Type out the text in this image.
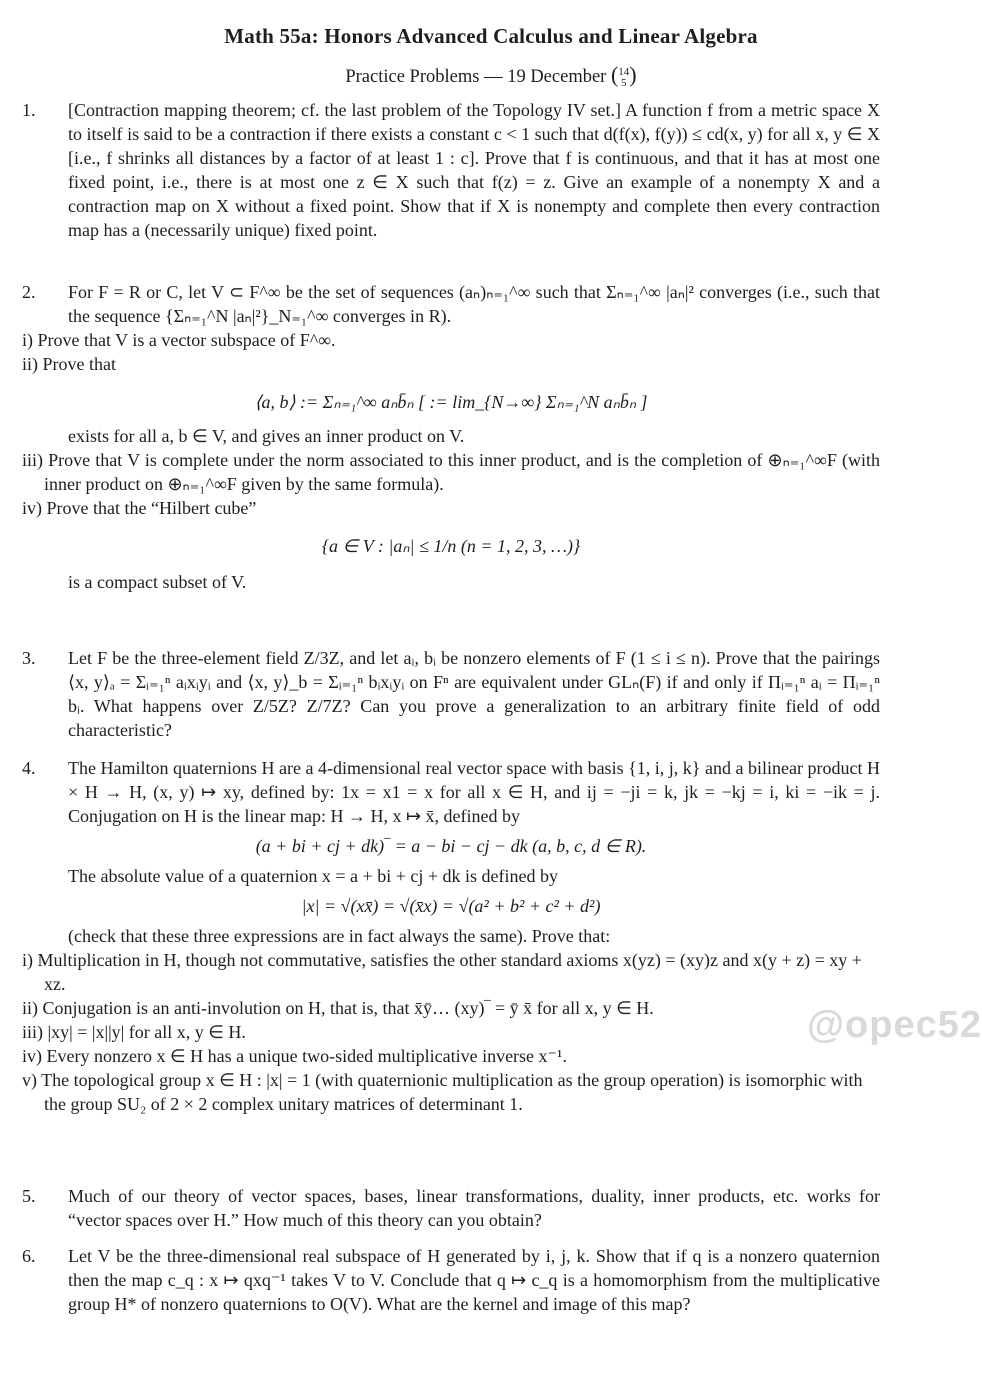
Math 55a: Honors Advanced Calculus and Linear Algebra
Practice Problems — 19 December (14
5 )
1. [Contraction mapping theorem; cf. the last problem of the Topology IV set.] A function f from a metric space X to itself is said to be a contraction if there exists a constant c < 1 such that d(f(x), f(y)) ≤ cd(x, y) for all x, y ∈ X [i.e., f shrinks all distances by a factor of at least 1 : c]. Prove that f is continuous, and that it has at most one fixed point, i.e., there is at most one z ∈ X such that f(z) = z. Give an example of a nonempty X and a contraction map on X without a fixed point. Show that if X is nonempty and complete then every contraction map has a (necessarily unique) fixed point.
2. For F = R or C, let V ⊂ F^∞ be the set of sequences (aₙ)ₙ₌₁^∞ such that Σₙ₌₁^∞ |aₙ|² converges (i.e., such that the sequence {Σₙ₌₁^N |aₙ|²}_N₌₁^∞ converges in R).
i) Prove that V is a vector subspace of F^∞.
ii) Prove that
⟨a, b⟩ := Σₙ₌₁^∞ aₙb̄ₙ [ := lim_{N→∞} Σₙ₌₁^N aₙb̄ₙ ]
exists for all a, b ∈ V, and gives an inner product on V.
iii) Prove that V is complete under the norm associated to this inner product, and is the completion of ⊕ₙ₌₁^∞F (with inner product on ⊕ₙ₌₁^∞F given by the same formula).
iv) Prove that the “Hilbert cube”
{a ∈ V : |aₙ| ≤ 1/n (n = 1, 2, 3, …)}
is a compact subset of V.
3. Let F be the three-element field Z/3Z, and let aᵢ, bᵢ be nonzero elements of F (1 ≤ i ≤ n). Prove that the pairings ⟨x, y⟩ₐ = Σᵢ₌₁ⁿ aᵢxᵢyᵢ and ⟨x, y⟩_b = Σᵢ₌₁ⁿ bᵢxᵢyᵢ on Fⁿ are equivalent under GLₙ(F) if and only if Πᵢ₌₁ⁿ aᵢ = Πᵢ₌₁ⁿ bᵢ. What happens over Z/5Z? Z/7Z? Can you prove a generalization to an arbitrary finite field of odd characteristic?
4. The Hamilton quaternions H are a 4-dimensional real vector space with basis {1, i, j, k} and a bilinear product H × H → H, (x, y) ↦ xy, defined by: 1x = x1 = x for all x ∈ H, and ij = −ji = k, jk = −kj = i, ki = −ik = j. Conjugation on H is the linear map: H → H, x ↦ x̄, defined by
(a + bi + cj + dk)‾ = a − bi − cj − dk (a, b, c, d ∈ R).
The absolute value of a quaternion x = a + bi + cj + dk is defined by
|x| = √(xx̄) = √(x̄x) = √(a² + b² + c² + d²)
(check that these three expressions are in fact always the same). Prove that:
i) Multiplication in H, though not commutative, satisfies the other standard axioms x(yz) = (xy)z and x(y + z) = xy + xz.
ii) Conjugation is an anti-involution on H, that is, that x̄ȳ… (xy)‾ = ȳ x̄ for all x, y ∈ H.
iii) |xy| = |x||y| for all x, y ∈ H.
iv) Every nonzero x ∈ H has a unique two-sided multiplicative inverse x⁻¹.
v) The topological group x ∈ H : |x| = 1 (with quaternionic multiplication as the group operation) is isomorphic with the group SU₂ of 2 × 2 complex unitary matrices of determinant 1.
5. Much of our theory of vector spaces, bases, linear transformations, duality, inner products, etc. works for “vector spaces over H.” How much of this theory can you obtain?
6. Let V be the three-dimensional real subspace of H generated by i, j, k. Show that if q is a nonzero quaternion then the map c_q : x ↦ qxq⁻¹ takes V to V. Conclude that q ↦ c_q is a homomorphism from the multiplicative group H* of nonzero quaternions to O(V). What are the kernel and image of this map?
@opec52
